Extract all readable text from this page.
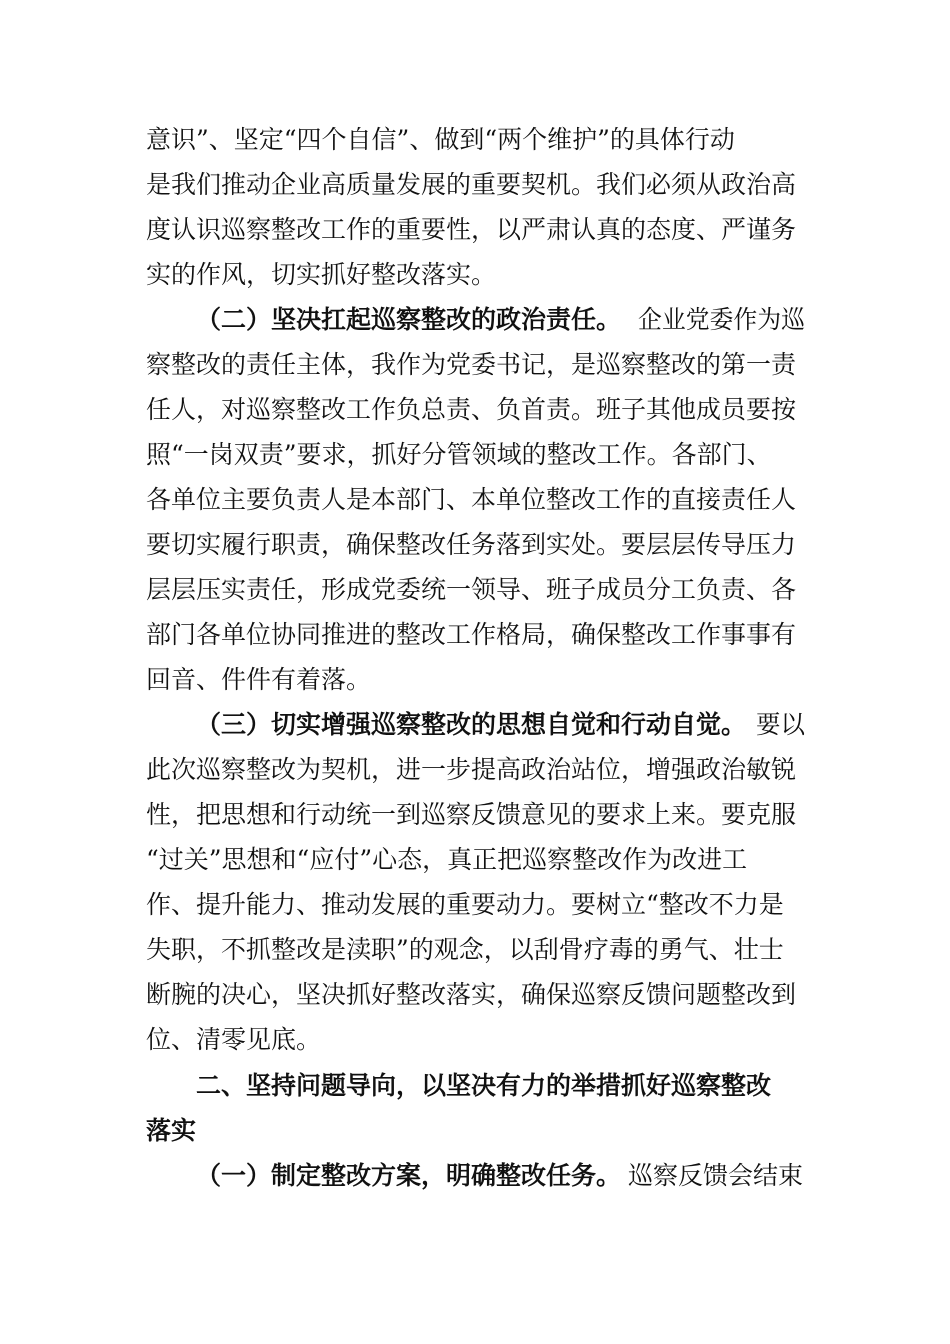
意识”、坚定“四个自信”、做到“两个维护”的具体行动
是我们推动企业高质量发展的重要契机。我们必须从政治高
度认识巡察整改工作的重要性，以严肃认真的态度、严谨务
实的作风，切实抓好整改落实。
（二）坚决扛起巡察整改的政治责任。 企业党委作为巡
察整改的责任主体，我作为党委书记，是巡察整改的第一责
任人，对巡察整改工作负总责、负首责。班子其他成员要按
照“一岗双责”要求，抓好分管领域的整改工作。各部门、
各单位主要负责人是本部门、本单位整改工作的直接责任人
要切实履行职责，确保整改任务落到实处。要层层传导压力
层层压实责任，形成党委统一领导、班子成员分工负责、各
部门各单位协同推进的整改工作格局，确保整改工作事事有
回音、件件有着落。
（三）切实增强巡察整改的思想自觉和行动自觉。 要以
此次巡察整改为契机，进一步提高政治站位，增强政治敏锐
性，把思想和行动统一到巡察反馈意见的要求上来。要克服
“过关”思想和“应付”心态，真正把巡察整改作为改进工
作、提升能力、推动发展的重要动力。要树立“整改不力是
失职，不抓整改是渎职”的观念，以刮骨疗毒的勇气、壮士
断腕的决心，坚决抓好整改落实，确保巡察反馈问题整改到
位、清零见底。
二、坚持问题导向，以坚决有力的举措抓好巡察整改
落实
（一）制定整改方案，明确整改任务。 巡察反馈会结束
